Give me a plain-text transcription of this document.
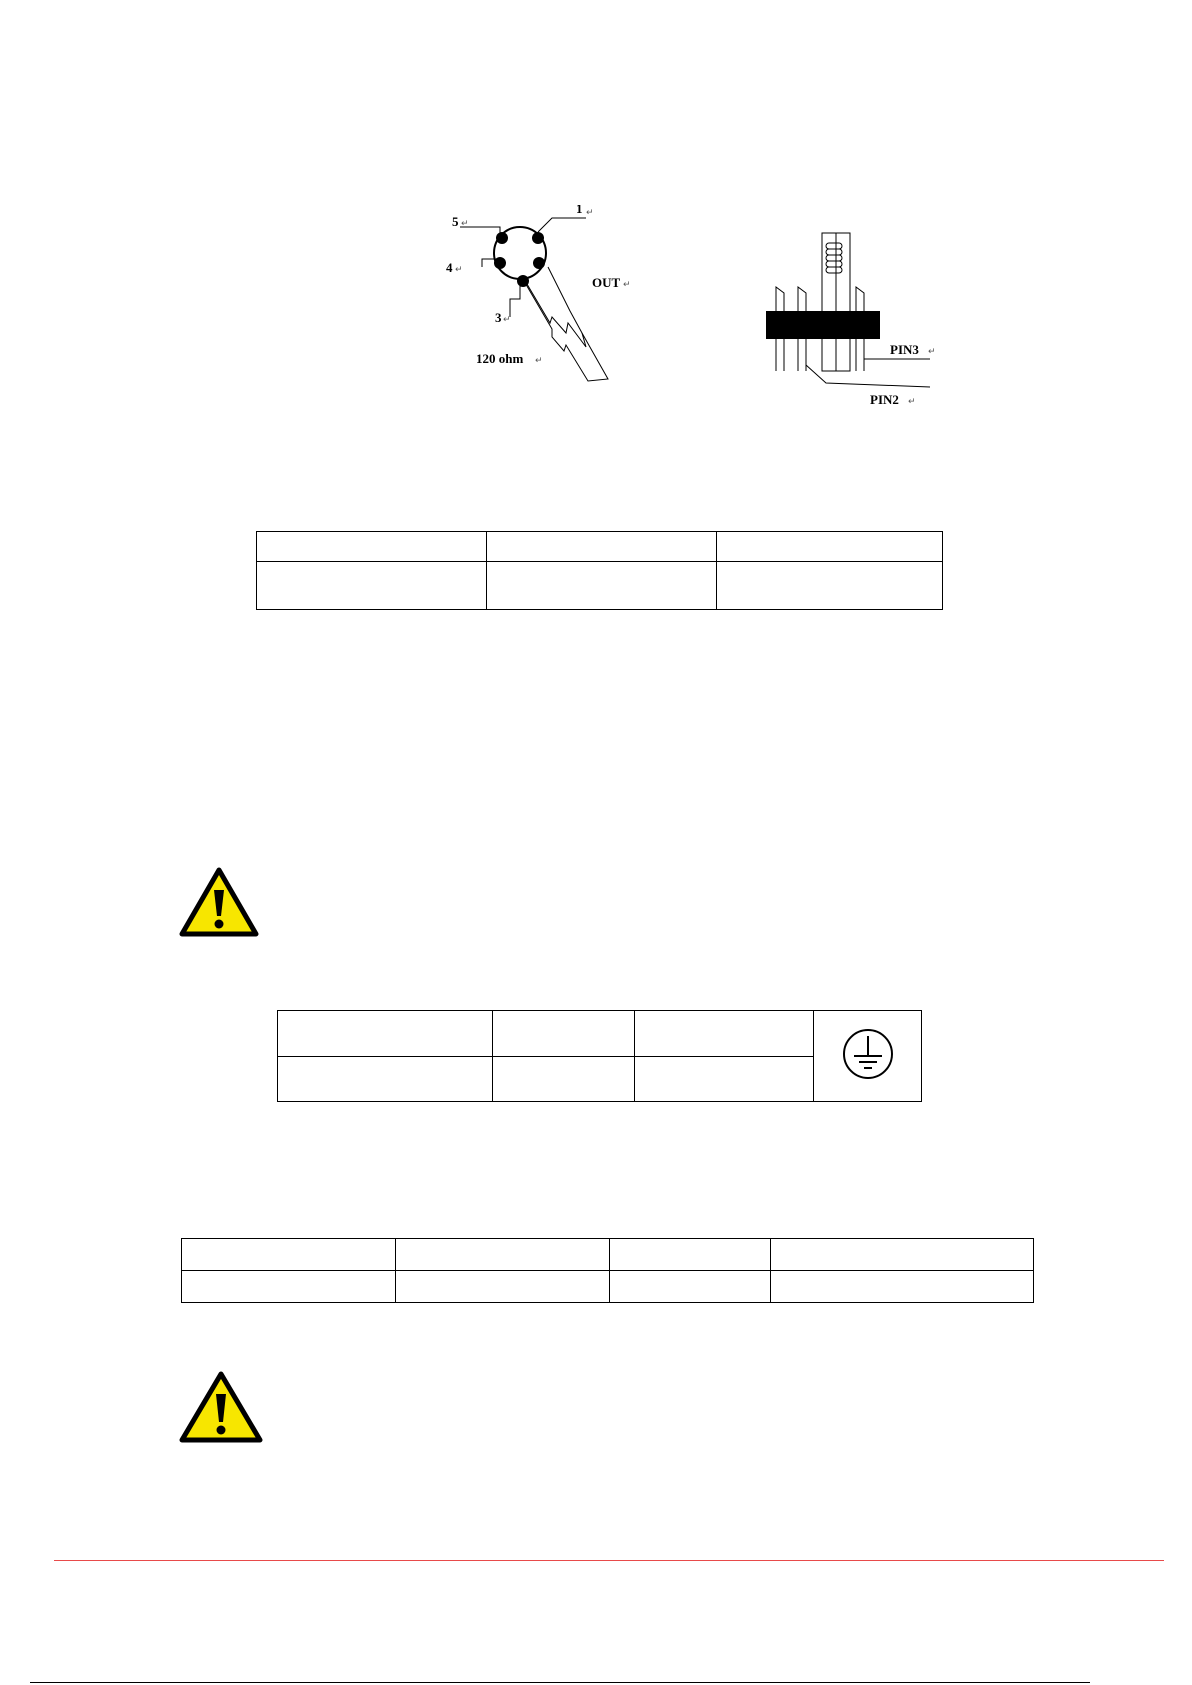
1 ↵
5 ↵
4 ↵
3 ↵
OUT ↵
120 ohm ↵
PIN3 ↵
PIN2 ↵
